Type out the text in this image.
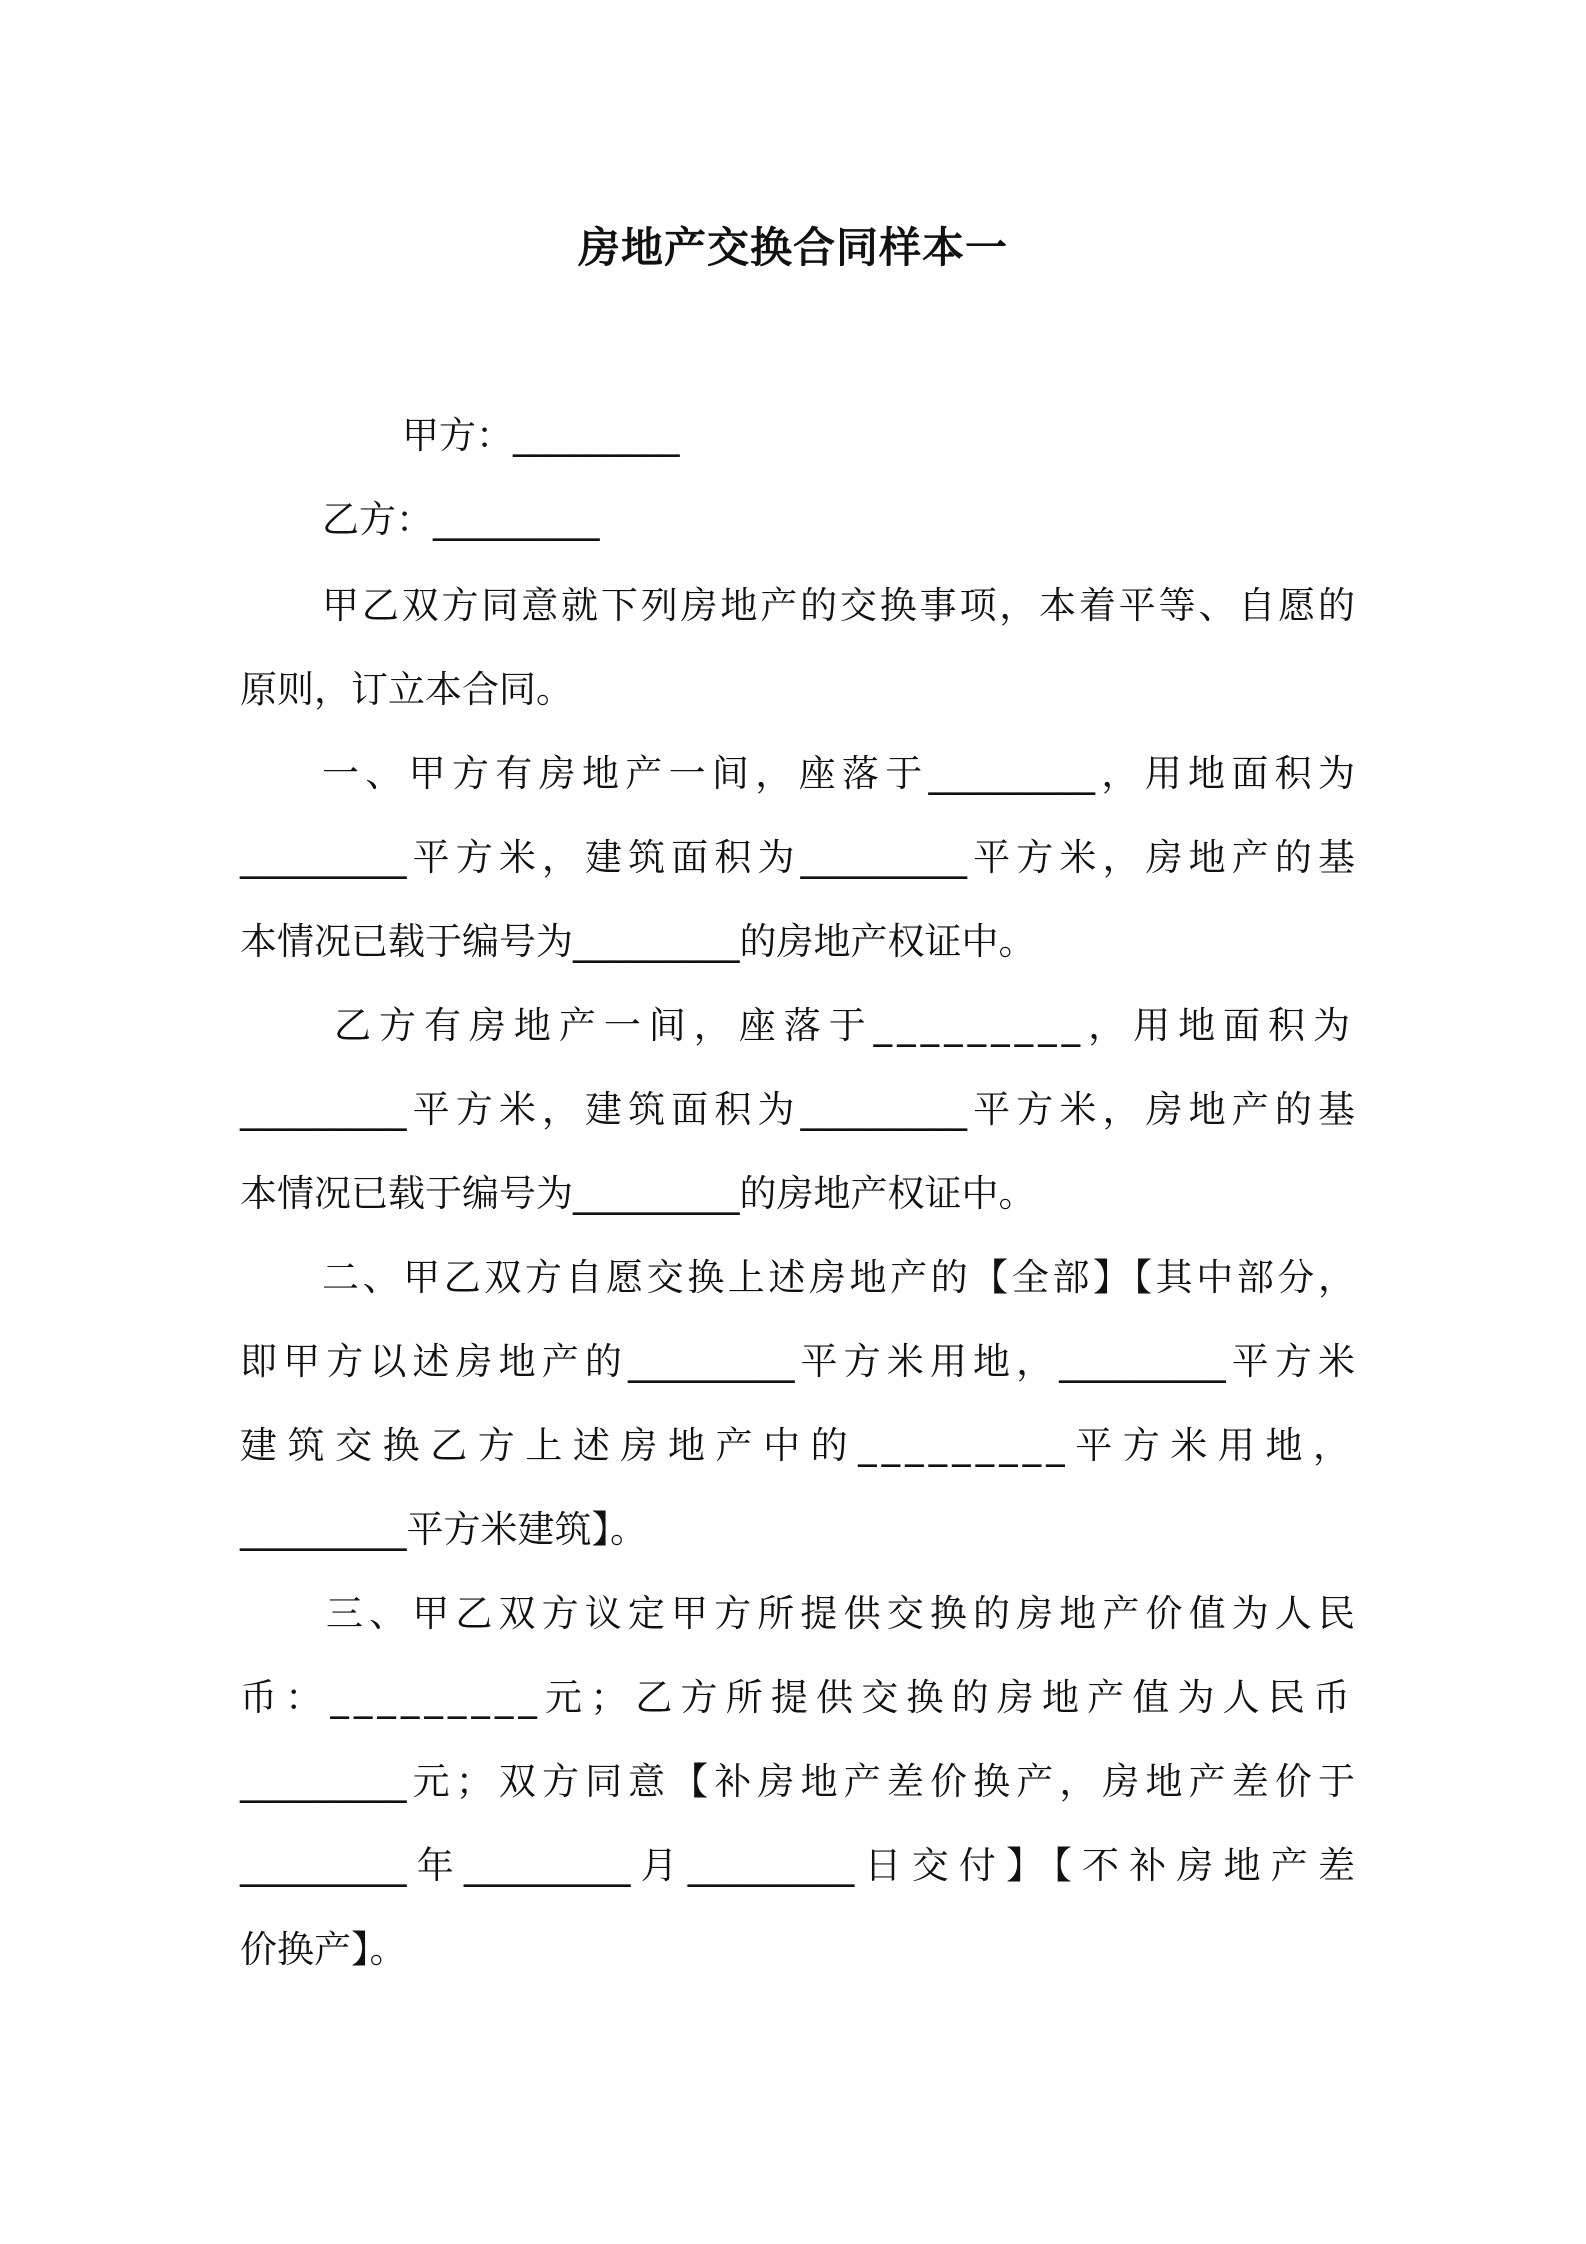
房地产交换合同样本一
甲方：_________
乙方：_________
甲乙双方同意就下列房地产的交换事项，本着平等、自愿的
原则，订立本合同。
一、甲方有房地产一间，座落于_________，用地面积为
_________平方米，建筑面积为_________平方米，房地产的基
本情况已载于编号为_________的房地产权证中。
乙方有房地产一间，座落于_________，用地面积为
_________平方米，建筑面积为_________平方米，房地产的基
本情况已载于编号为_________的房地产权证中。
二、甲乙双方自愿交换上述房地产的【全部】【其中部分，
即甲方以述房地产的_________平方米用地，_________平方米
建筑交换乙方上述房地产中的_________平方米用地，
_________平方米建筑】。
三、甲乙双方议定甲方所提供交换的房地产价值为人民
币：_________元；乙方所提供交换的房地产值为人民币
_________元；双方同意【补房地产差价换产，房地产差价于
_________年_________月_________日交付】【不补房地产差
价换产】。
